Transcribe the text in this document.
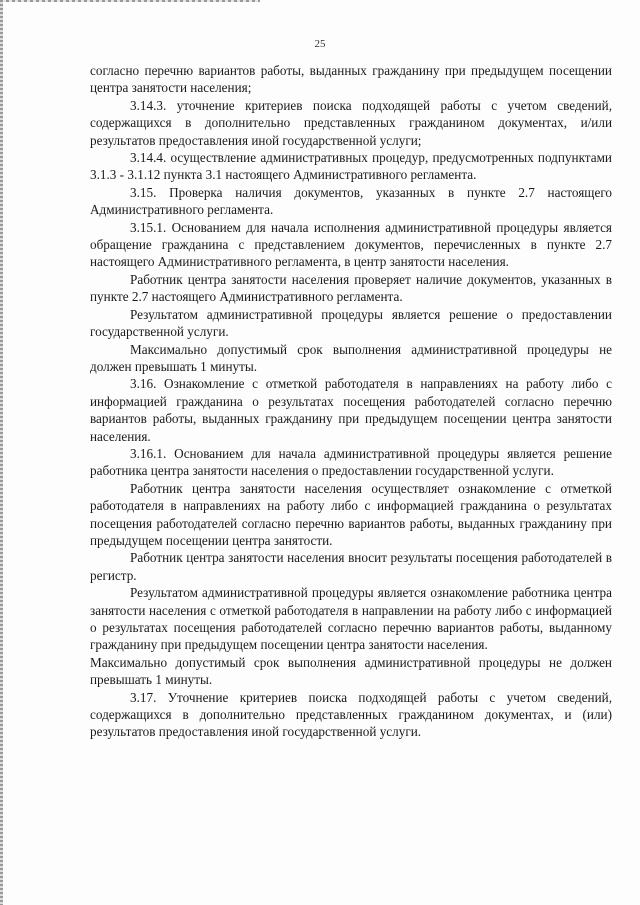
25

согласно перечню вариантов работы, выданных гражданину при предыдущем посещении центра занятости населения;

3.14.3. уточнение критериев поиска подходящей работы с учетом сведений, содержащихся в дополнительно представленных гражданином документах, и/или результатов предоставления иной государственной услуги;

3.14.4. осуществление административных процедур, предусмотренных подпунктами 3.1.3 - 3.1.12 пункта 3.1 настоящего Административного регламента.

3.15. Проверка наличия документов, указанных в пункте 2.7 настоящего Административного регламента.

3.15.1. Основанием для начала исполнения административной процедуры является обращение гражданина с представлением документов, перечисленных в пункте 2.7 настоящего Административного регламента, в центр занятости населения.

Работник центра занятости населения проверяет наличие документов, указанных в пункте 2.7 настоящего Административного регламента.

Результатом административной процедуры является решение о предоставлении государственной услуги.

Максимально допустимый срок выполнения административной процедуры не должен превышать 1 минуты.

3.16. Ознакомление с отметкой работодателя в направлениях на работу либо с информацией гражданина о результатах посещения работодателей согласно перечню вариантов работы, выданных гражданину при предыдущем посещении центра занятости населения.

3.16.1. Основанием для начала административной процедуры является решение работника центра занятости населения о предоставлении государственной услуги.

Работник центра занятости населения осуществляет ознакомление с отметкой работодателя в направлениях на работу либо с информацией гражданина о результатах посещения работодателей согласно перечню вариантов работы, выданных гражданину при предыдущем посещении центра занятости.

Работник центра занятости населения вносит результаты посещения работодателей в регистр.

Результатом административной процедуры является ознакомление работника центра занятости населения с отметкой работодателя в направлении на работу либо с информацией о результатах посещения работодателей согласно перечню вариантов работы, выданному гражданину при предыдущем посещении центра занятости населения.

Максимально допустимый срок выполнения административной процедуры не должен превышать 1 минуты.

3.17. Уточнение критериев поиска подходящей работы с учетом сведений, содержащихся в дополнительно представленных гражданином документах, и (или) результатов предоставления иной государственной услуги.
